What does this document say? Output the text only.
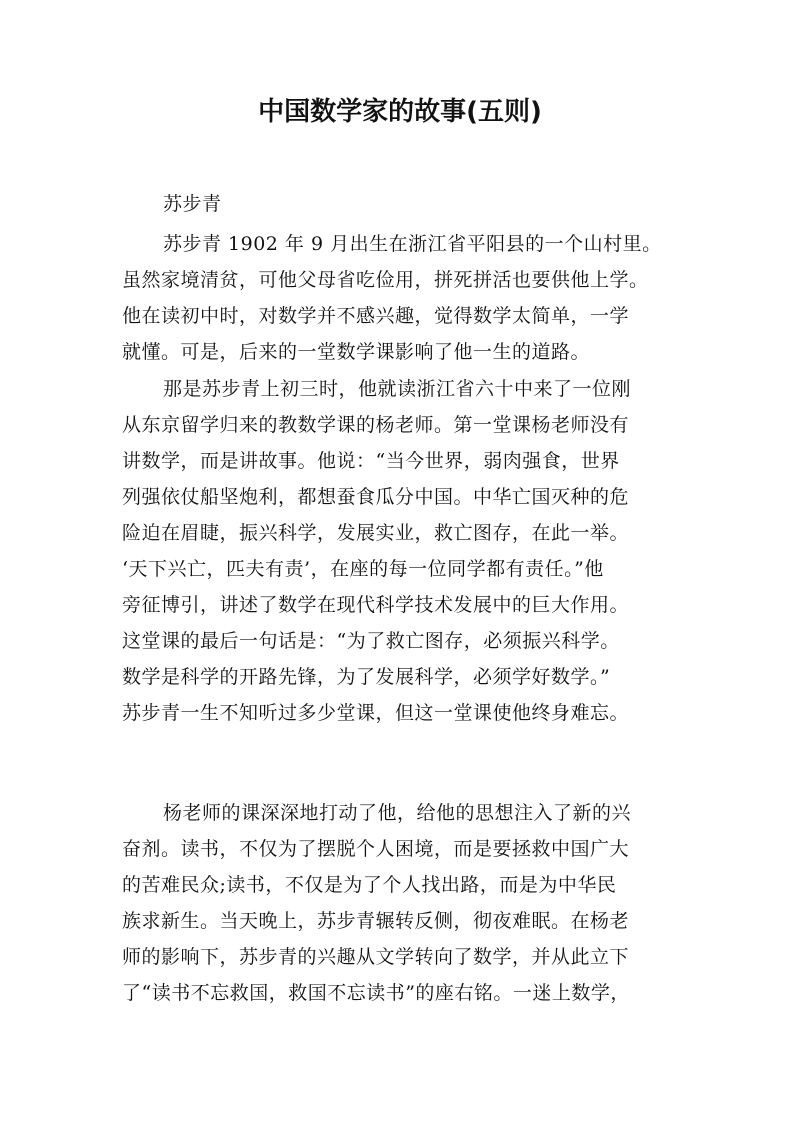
中国数学家的故事(五则)
苏步青
苏步青 1902 年 9 月出生在浙江省平阳县的一个山村里。
虽然家境清贫，可他父母省吃俭用，拼死拼活也要供他上学。
他在读初中时，对数学并不感兴趣，觉得数学太简单，一学
就懂。可是，后来的一堂数学课影响了他一生的道路。
那是苏步青上初三时，他就读浙江省六十中来了一位刚
从东京留学归来的教数学课的杨老师。第一堂课杨老师没有
讲数学，而是讲故事。他说：“当今世界，弱肉强食，世界
列强依仗船坚炮利，都想蚕食瓜分中国。中华亡国灭种的危
险迫在眉睫，振兴科学，发展实业，救亡图存，在此一举。
‘天下兴亡，匹夫有责’，在座的每一位同学都有责任。”他
旁征博引，讲述了数学在现代科学技术发展中的巨大作用。
这堂课的最后一句话是：“为了救亡图存，必须振兴科学。
数学是科学的开路先锋，为了发展科学，必须学好数学。”
苏步青一生不知听过多少堂课，但这一堂课使他终身难忘。
杨老师的课深深地打动了他，给他的思想注入了新的兴
奋剂。读书，不仅为了摆脱个人困境，而是要拯救中国广大
的苦难民众;读书，不仅是为了个人找出路，而是为中华民
族求新生。当天晚上，苏步青辗转反侧，彻夜难眠。在杨老
师的影响下，苏步青的兴趣从文学转向了数学，并从此立下
了“读书不忘救国，救国不忘读书”的座右铭。一迷上数学，
